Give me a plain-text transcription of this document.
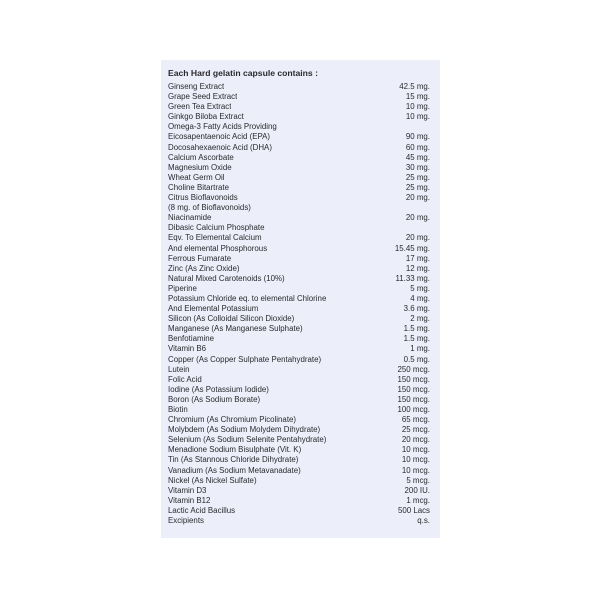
Each Hard gelatin capsule contains :
Ginseng Extract	42.5 mg.
Grape Seed Extract	15 mg.
Green Tea Extract	10 mg.
Ginkgo Biloba Extract	10 mg.
Omega-3 Fatty Acids Providing
Eicosapentaenoic Acid (EPA)	90 mg.
Docosahexaenoic Acid (DHA)	60 mg.
Calcium Ascorbate	45 mg.
Magnesium Oxide	30 mg.
Wheat Germ Oil	25 mg.
Choline Bitartrate	25 mg.
Citrus Bioflavonoids	20 mg.
(8 mg. of Bioflavonoids)
Niacinamide	20 mg.
Dibasic Calcium Phosphate
Eqv. To Elemental Calcium	20 mg.
And elemental Phosphorous	15.45 mg.
Ferrous Fumarate	17 mg.
Zinc (As Zinc Oxide)	12 mg.
Natural Mixed Carotenoids (10%)	11.33 mg.
Piperine	5 mg.
Potassium Chloride eq. to elemental Chlorine	4 mg.
And Elemental Potassium	3.6 mg.
Silicon (As Colloidal Silicon Dioxide)	2 mg.
Manganese (As Manganese Sulphate)	1.5 mg.
Benfotiamine	1.5 mg.
Vitamin B6	1 mg.
Copper (As Copper Sulphate Pentahydrate)	0.5 mg.
Lutein	250 mcg.
Folic Acid	150 mcg.
Iodine (As Potassium Iodide)	150 mcg.
Boron (As Sodium Borate)	150 mcg.
Biotin	100 mcg.
Chromium (As Chromium Picolinate)	65 mcg.
Molybdem (As Sodium Molydem Dihydrate)	25 mcg.
Selenium (As Sodium Selenite Pentahydrate)	20 mcg.
Menadione Sodium Bisulphate (Vit. K)	10 mcg.
Tin (As Stannous Chloride Dihydrate)	10 mcg.
Vanadium (As Sodium Metavanadate)	10 mcg.
Nickel (As Nickel Sulfate)	5 mcg.
Vitamin D3	200 IU.
Vitamin B12	1 mcg.
Lactic Acid Bacillus	500 Lacs
Excipients	q.s.
